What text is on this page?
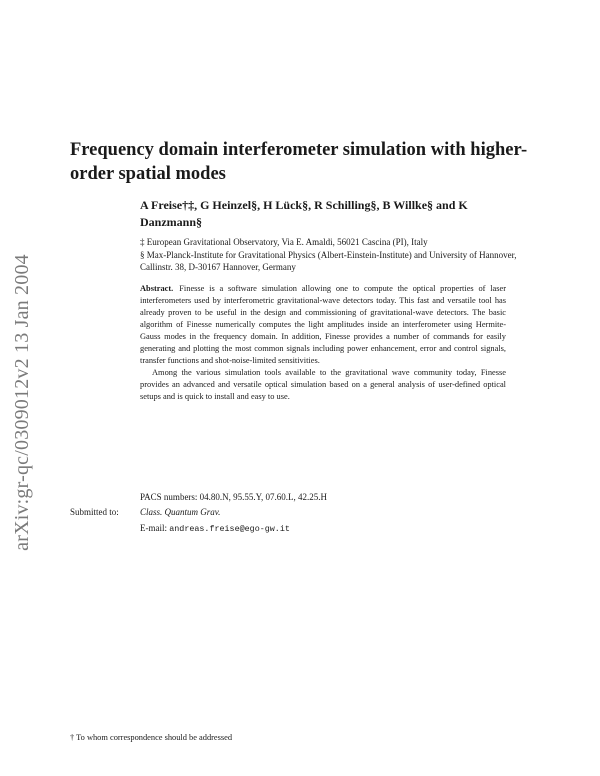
arXiv:gr-qc/0309012v2 13 Jan 2004
Frequency domain interferometer simulation with higher-order spatial modes

A Freise†‡, G Heinzel§, H Lück§, R Schilling§, B Willke§ and K Danzmann§

‡ European Gravitational Observatory, Via E. Amaldi, 56021 Cascina (PI), Italy
§ Max-Planck-Institute for Gravitational Physics (Albert-Einstein-Institute) and University of Hannover, Callinstr. 38, D-30167 Hannover, Germany

Abstract. Finesse is a software simulation allowing one to compute the optical properties of laser interferometers used by interferometric gravitational-wave detectors today. This fast and versatile tool has already proven to be useful in the design and commissioning of gravitational-wave detectors. The basic algorithm of Finesse numerically computes the light amplitudes inside an interferometer using Hermite-Gauss modes in the frequency domain. In addition, Finesse provides a number of commands for easily generating and plotting the most common signals including power enhancement, error and control signals, transfer functions and shot-noise-limited sensitivities.

Among the various simulation tools available to the gravitational wave community today, Finesse provides an advanced and versatile optical simulation based on a general analysis of user-defined optical setups and is quick to install and easy to use.

PACS numbers: 04.80.N, 95.55.Y, 07.60.L, 42.25.H
Submitted to: Class. Quantum Grav.
E-mail: andreas.freise@ego-gw.it
† To whom correspondence should be addressed
